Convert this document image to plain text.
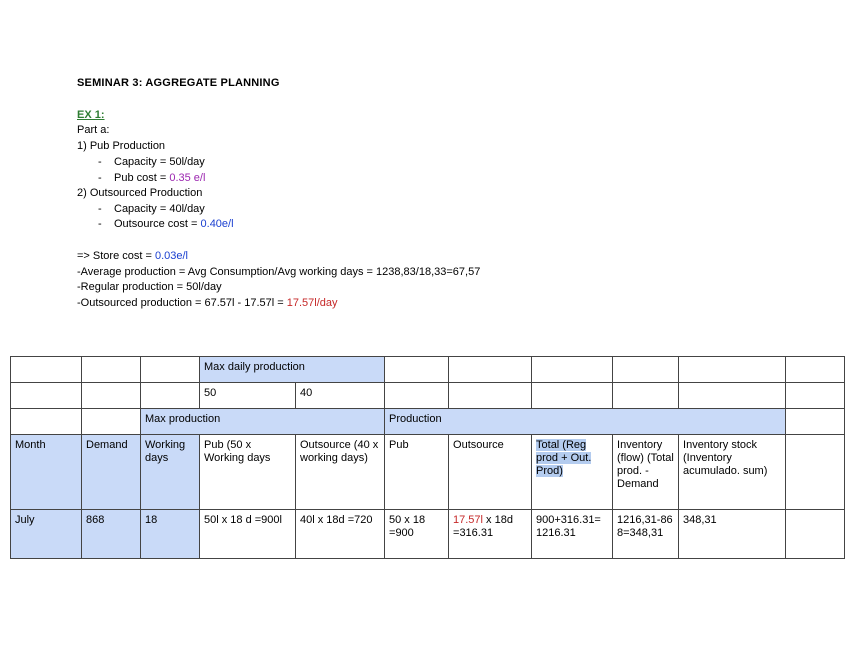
SEMINAR 3: AGGREGATE PLANNING
EX 1:
Part a:
1) Pub Production
- Capacity = 50l/day
- Pub cost = 0.35 e/l
2) Outsourced Production
- Capacity = 40l/day
- Outsource cost = 0.40e/l
=> Store cost = 0.03e/l
-Average production = Avg Consumption/Avg working days = 1238,83/18,33=67,57
-Regular production = 50l/day
-Outsourced production = 67.57l - 17.57l = 17.57l/day
			Max daily production							
			50	40						
		Max production			Production					
Month	Demand	Working days	Pub (50 x Working days	Outsource (40 x working days)	Pub	Outsource	Total (Reg prod + Out. Prod)	Inventory (flow) (Total prod. - Demand	Inventory stock (Inventory acumulado. sum)	
July	868	18	50l x 18 d =900l	40l x 18d =720	50 x 18 =900	17.57l x 18d =316.31	900+316.31= 1216.31	1216,31-868=348,31	348,31	
